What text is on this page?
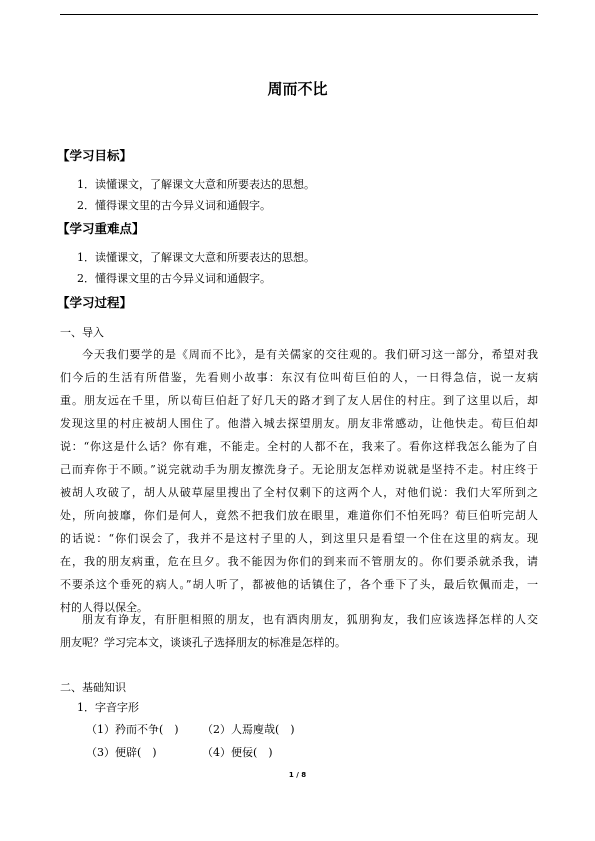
周而不比
【学习目标】
1．读懂课文，了解课文大意和所要表达的思想。
2．懂得课文里的古今异义词和通假字。
【学习重难点】
1．读懂课文，了解课文大意和所要表达的思想。
2．懂得课文里的古今异义词和通假字。
【学习过程】
一、导入
今天我们要学的是《周而不比》，是有关儒家的交往观的。我们研习这一部分，希望对我
们今后的生活有所借鉴，先看则小故事：东汉有位叫荀巨伯的人，一日得急信，说一友病
重。朋友远在千里，所以荀巨伯赶了好几天的路才到了友人居住的村庄。到了这里以后，却
发现这里的村庄被胡人围住了。他潜入城去探望朋友。朋友非常感动，让他快走。荀巨伯却
说：“你这是什么话？你有难，不能走。全村的人都不在，我来了。看你这样我怎么能为了自
己而弃你于不顾。”说完就动手为朋友擦洗身子。无论朋友怎样劝说就是坚持不走。村庄终于
被胡人攻破了，胡人从破草屋里搜出了全村仅剩下的这两个人，对他们说：我们大军所到之
处，所向披靡，你们是何人，竟然不把我们放在眼里，难道你们不怕死吗？荀巨伯听完胡人
的话说：“你们误会了，我并不是这村子里的人，到这里只是看望一个住在这里的病友。现
在，我的朋友病重，危在旦夕。我不能因为你们的到来而不管朋友的。你们要杀就杀我，请
不要杀这个垂死的病人。”胡人听了，都被他的话镇住了，各个垂下了头，最后钦佩而走，一
村的人得以保全。
朋友有诤友，有肝胆相照的朋友，也有酒肉朋友，狐朋狗友，我们应该选择怎样的人交
朋友呢？学习完本文，谈谈孔子选择朋友的标准是怎样的。
二、基础知识
1．字音字形
（1）矜而不争(　) （2）人焉廋哉(　)
（3）便辟(　)	（4）便佞(　)
1 / 8
